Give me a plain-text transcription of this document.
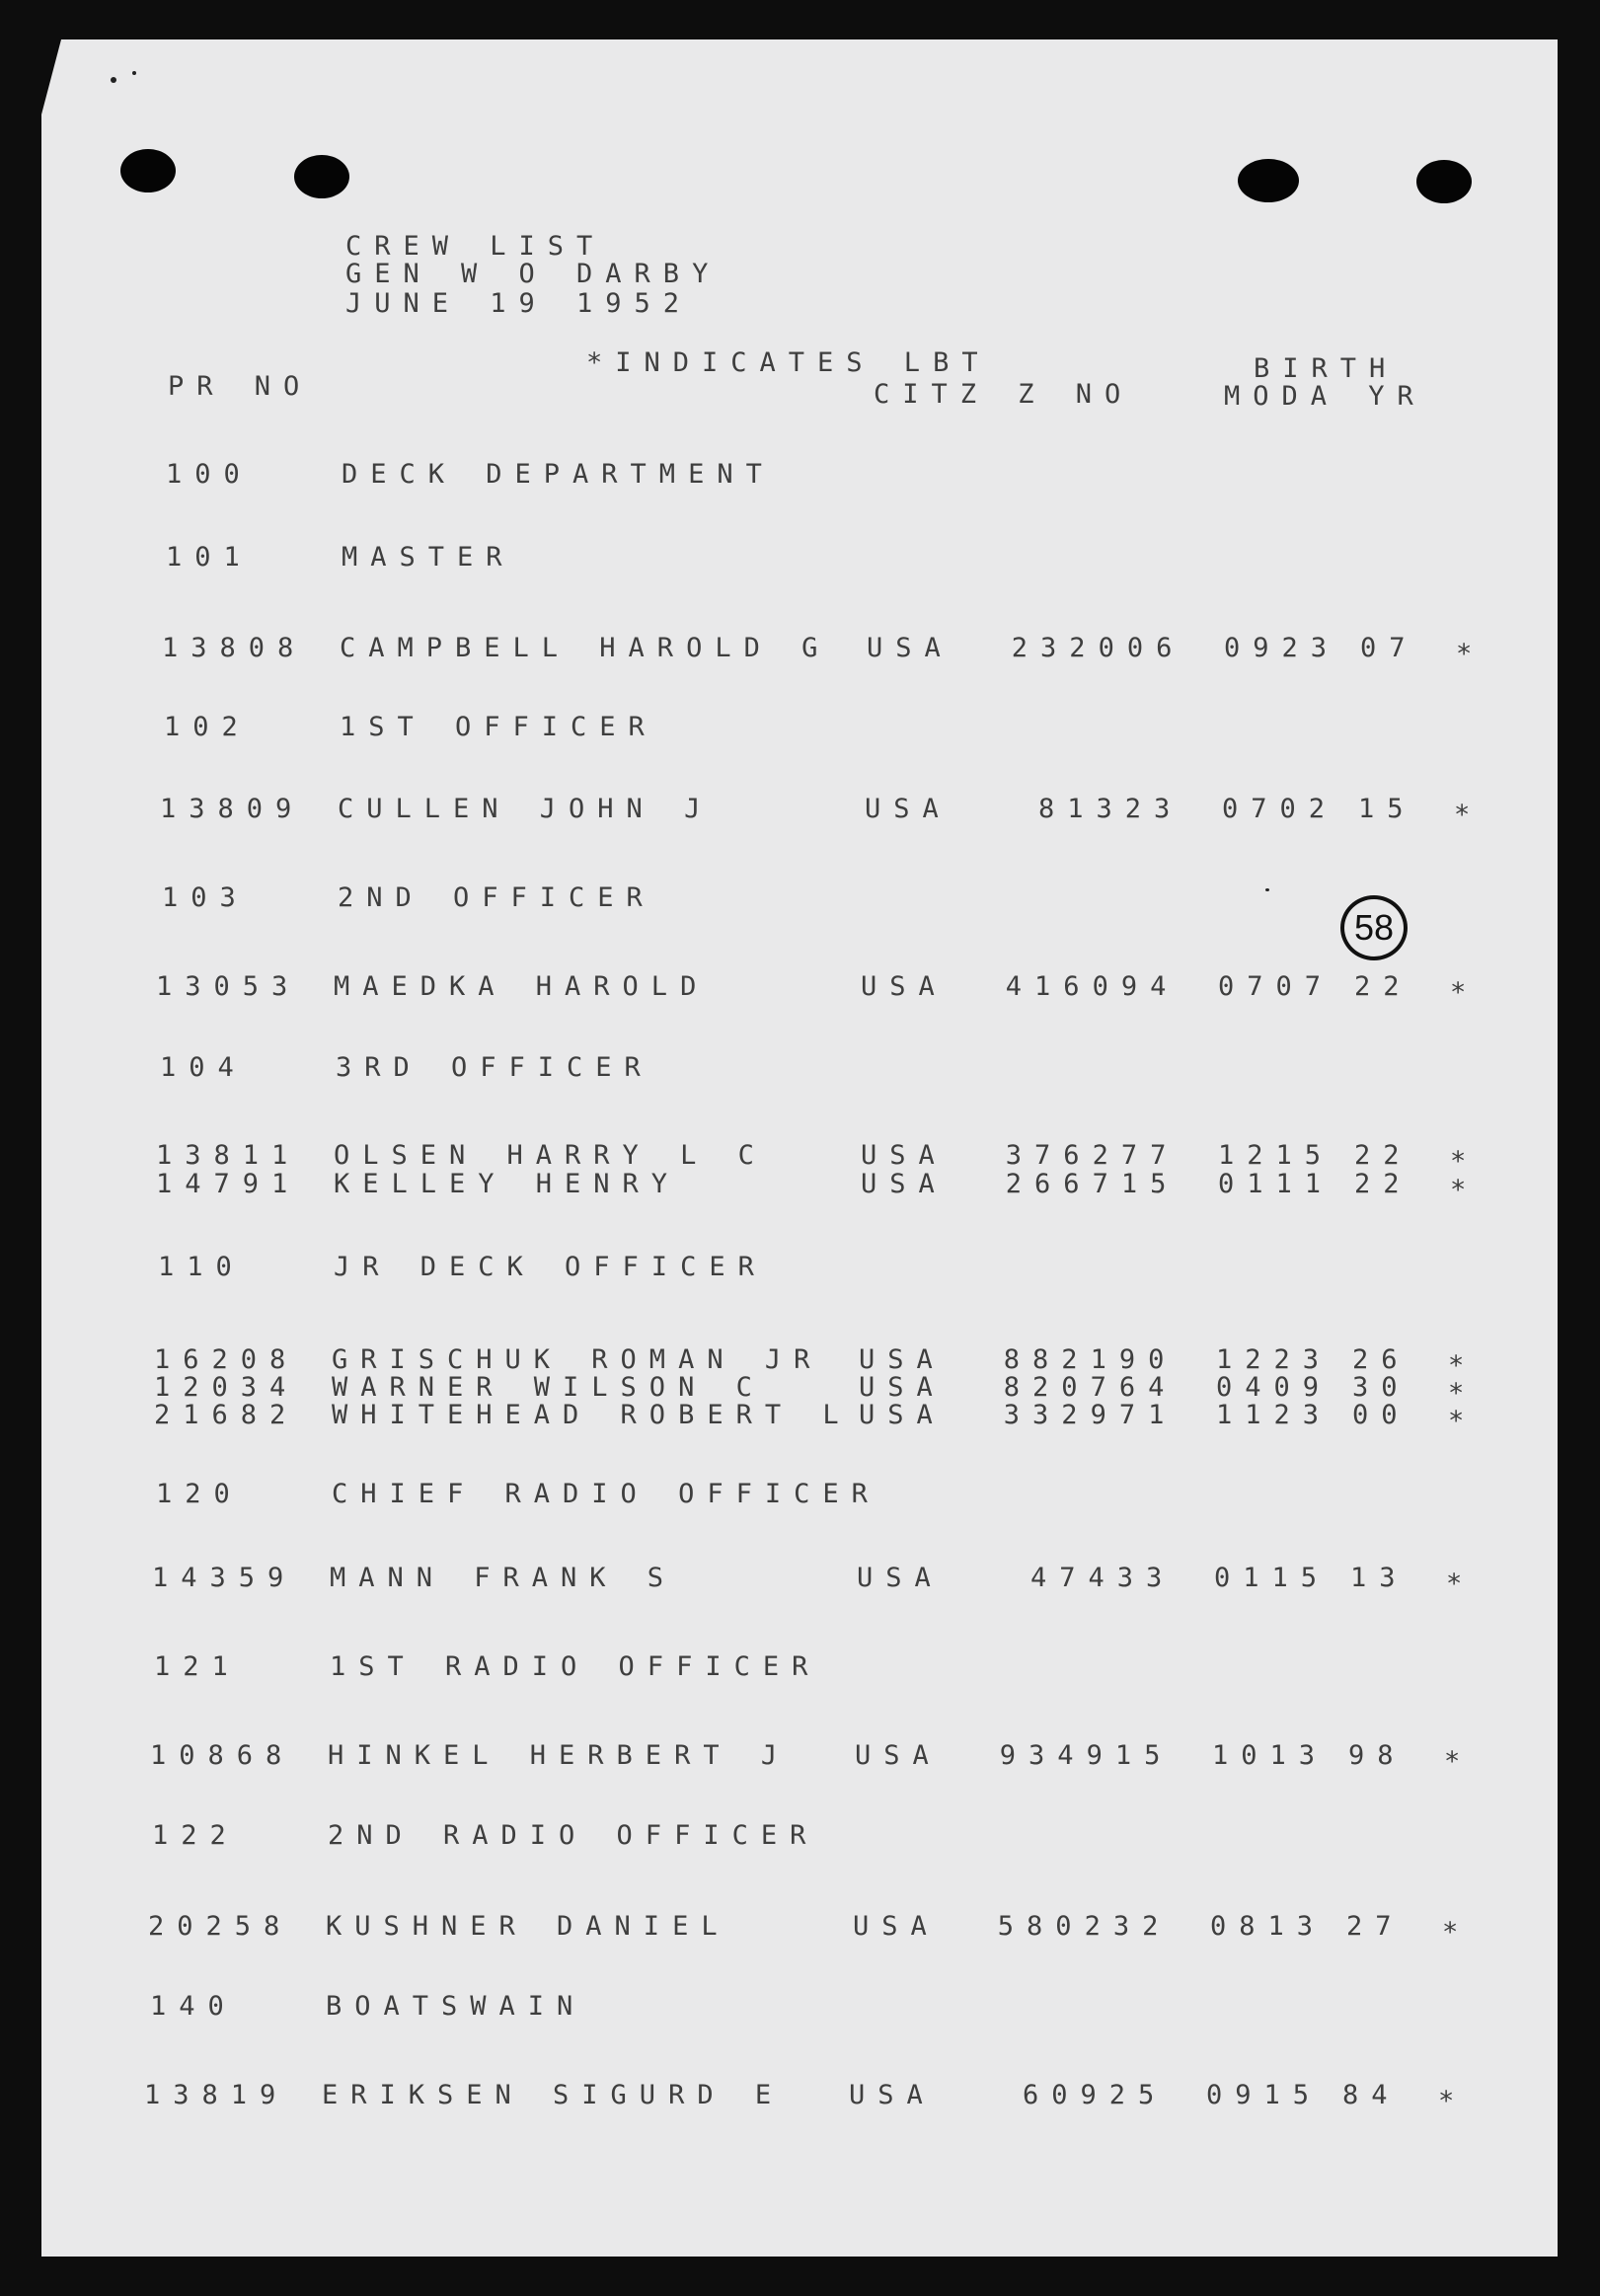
CREW LIST
GEN W O DARBY
JUNE 19 1952
PR NO
*INDICATES LBT
CITZ Z NO
BIRTH
MODA YR
100	DECK DEPARTMENT
101	MASTER
13808 CAMPBELL HAROLD G USA 232006 0923 07 *
102	1ST OFFICER
13809 CULLEN JOHN J	USA	81323 0702 15 *
103	2ND OFFICER
13053 MAEDKA HAROLD	USA 416094 0707 22 *
104	3RD OFFICER
13811 OLSEN HARRY L C	USA 376277 1215 22 *
14791 KELLEY HENRY	USA 266715 0111 22 *
110	JR DECK OFFICER
16208 GRISCHUK ROMAN JR USA 882190 1223 26 *
12034 WARNER WILSON C	USA 820764 0409 30 *
21682 WHITEHEAD ROBERT L USA 332971 1123 00 *
120	CHIEF RADIO OFFICER
14359 MANN FRANK S	USA	47433 0115 13 *
121	1ST RADIO OFFICER
10868 HINKEL HERBERT J USA 934915 1013 98 *
122	2ND RADIO OFFICER
20258 KUSHNER DANIEL	USA 580232 0813 27 *
140	BOATSWAIN
13819 ERIKSEN SIGURD E USA	60925 0915 84 *
58
